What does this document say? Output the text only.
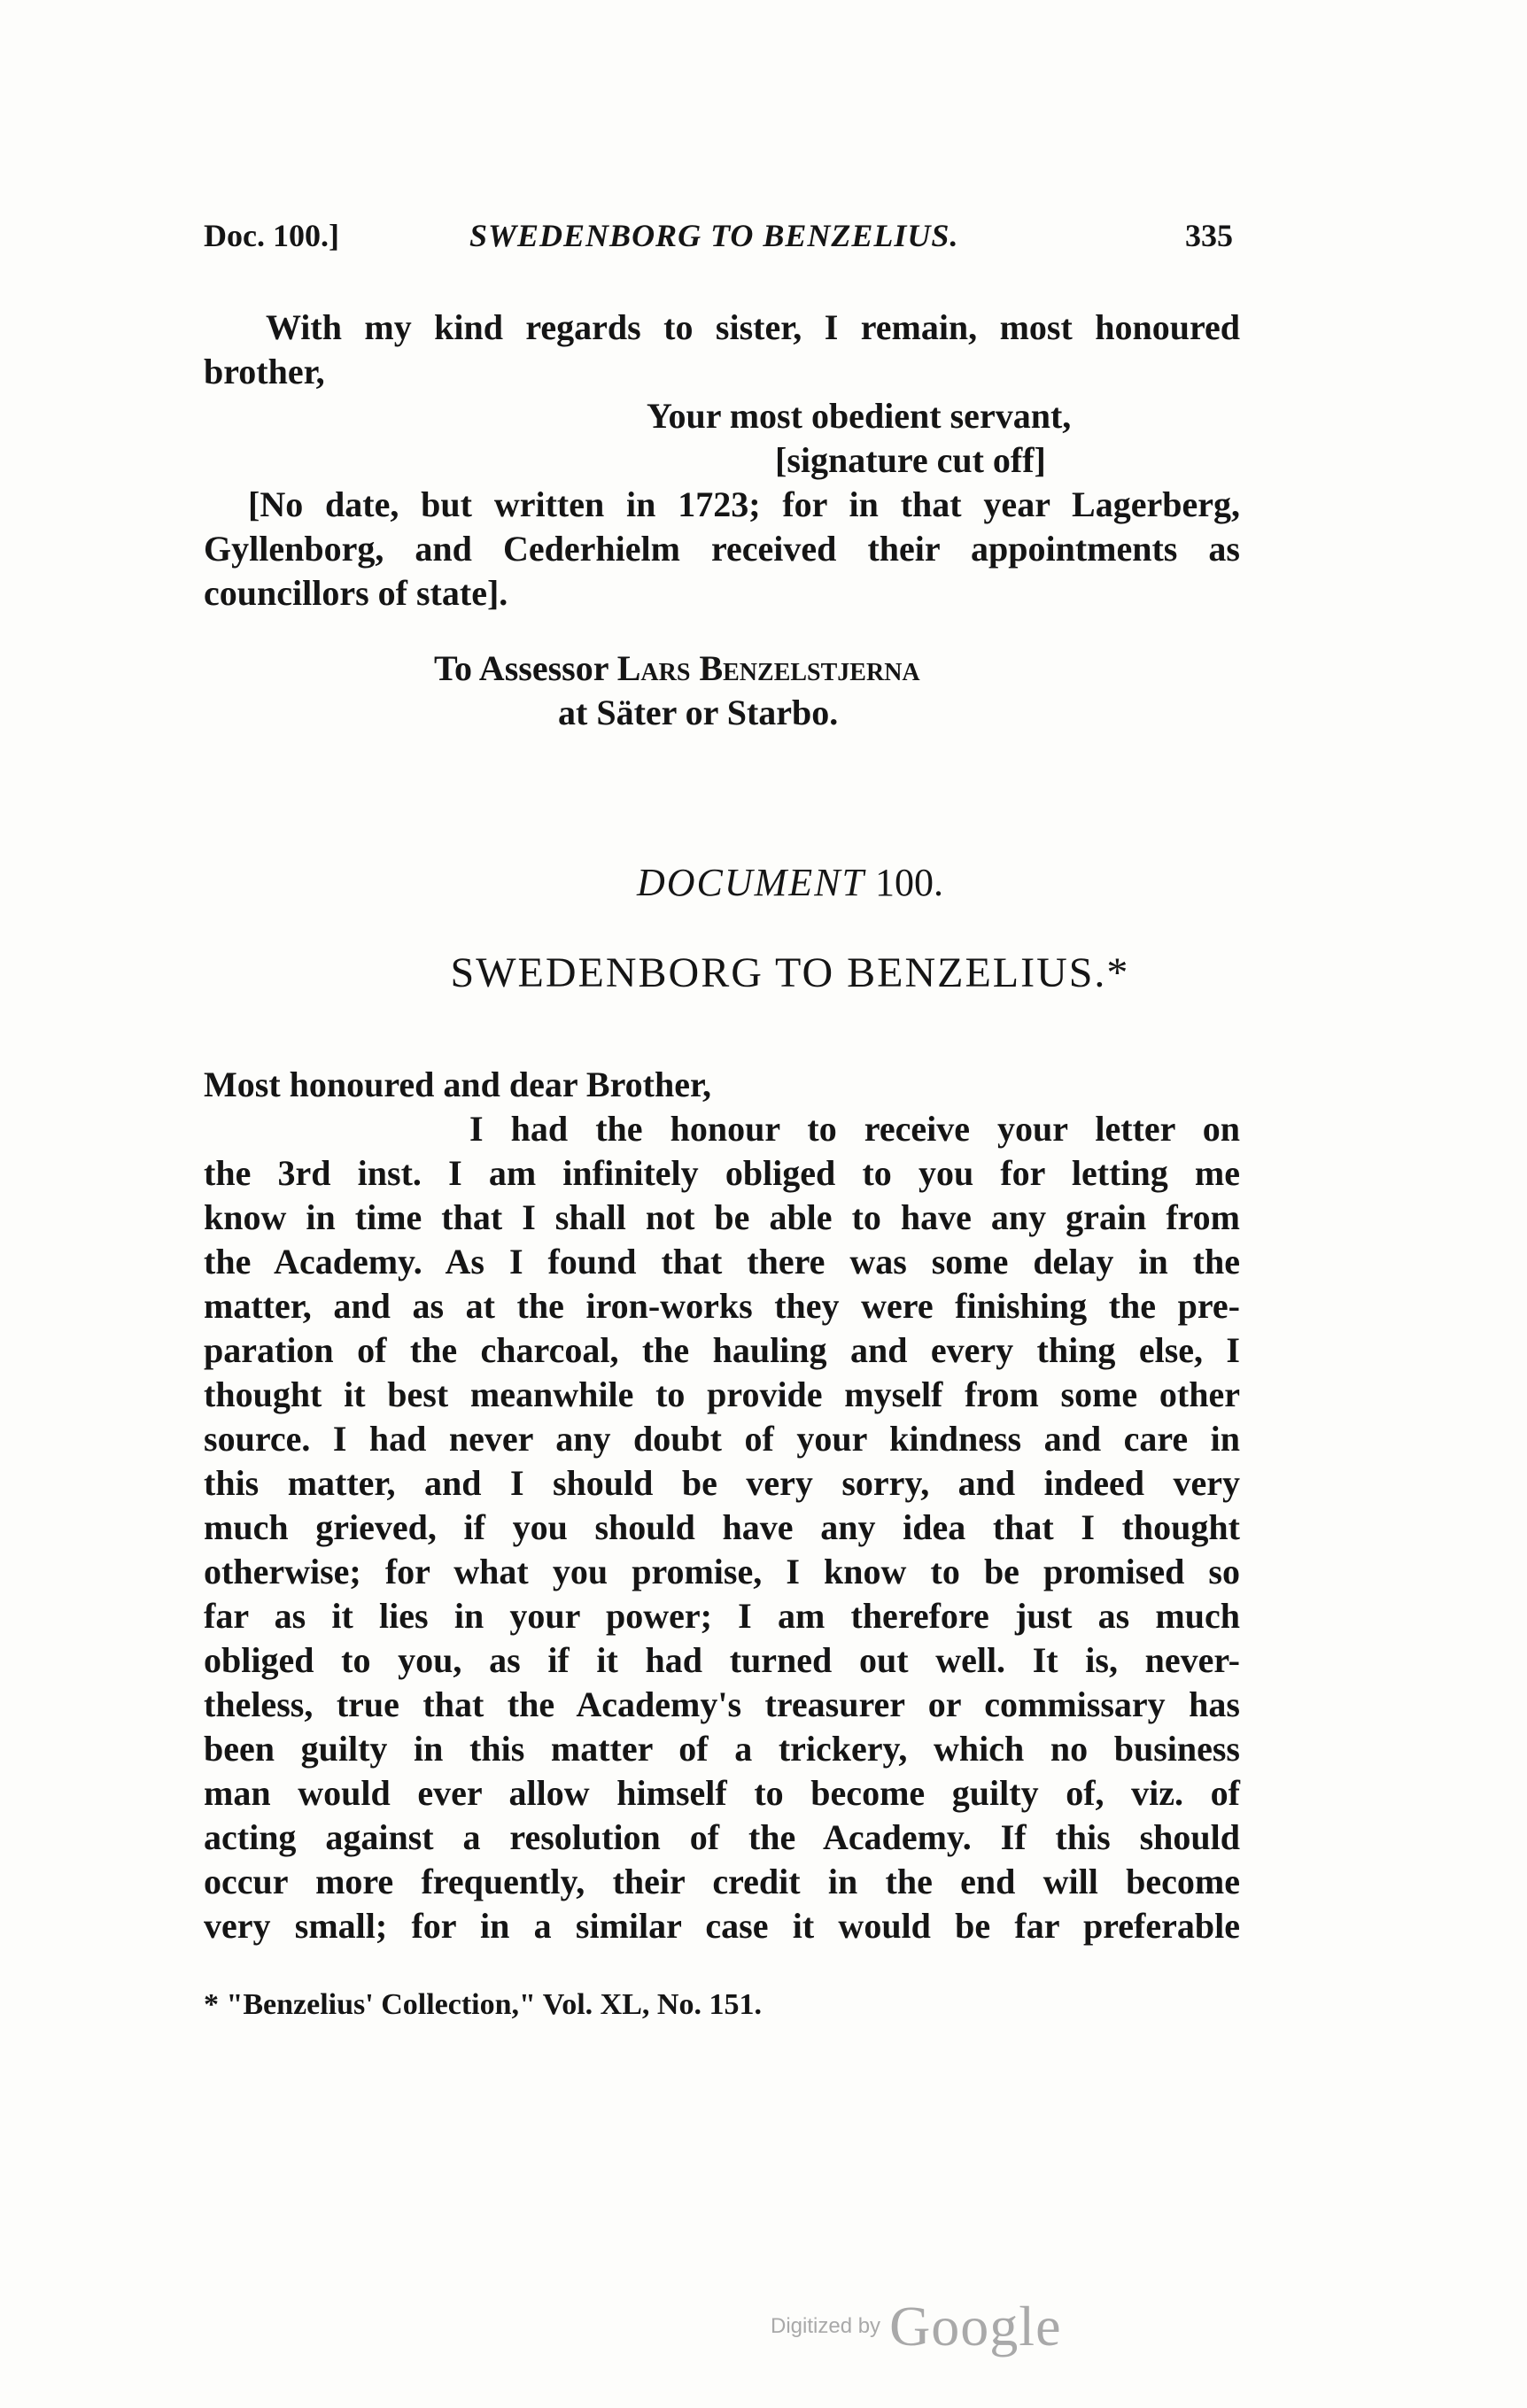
Doc. 100.]	SWEDENBORG TO BENZELIUS.	335
With my kind regards to sister, I remain, most honoured
brother,
Your most obedient servant,
[signature cut off]
[No date, but written in 1723; for in that year Lagerberg,
Gyllenborg, and Cederhielm received their appointments as
councillors of state].
To Assessor Lars Benzelstjerna
at Säter or Starbo.
DOCUMENT 100.
SWEDENBORG TO BENZELIUS.*
Most honoured and dear Brother,
I had the honour to receive your letter on
the 3rd inst. I am infinitely obliged to you for letting me
know in time that I shall not be able to have any grain from
the Academy. As I found that there was some delay in the
matter, and as at the iron-works they were finishing the pre-
paration of the charcoal, the hauling and every thing else, I
thought it best meanwhile to provide myself from some other
source. I had never any doubt of your kindness and care in
this matter, and I should be very sorry, and indeed very
much grieved, if you should have any idea that I thought
otherwise; for what you promise, I know to be promised so
far as it lies in your power; I am therefore just as much
obliged to you, as if it had turned out well. It is, never-
theless, true that the Academy's treasurer or commissary has
been guilty in this matter of a trickery, which no business
man would ever allow himself to become guilty of, viz. of
acting against a resolution of the Academy. If this should
occur more frequently, their credit in the end will become
very small; for in a similar case it would be far preferable
* "Benzelius' Collection," Vol. XL, No. 151.
Digitized by Google
